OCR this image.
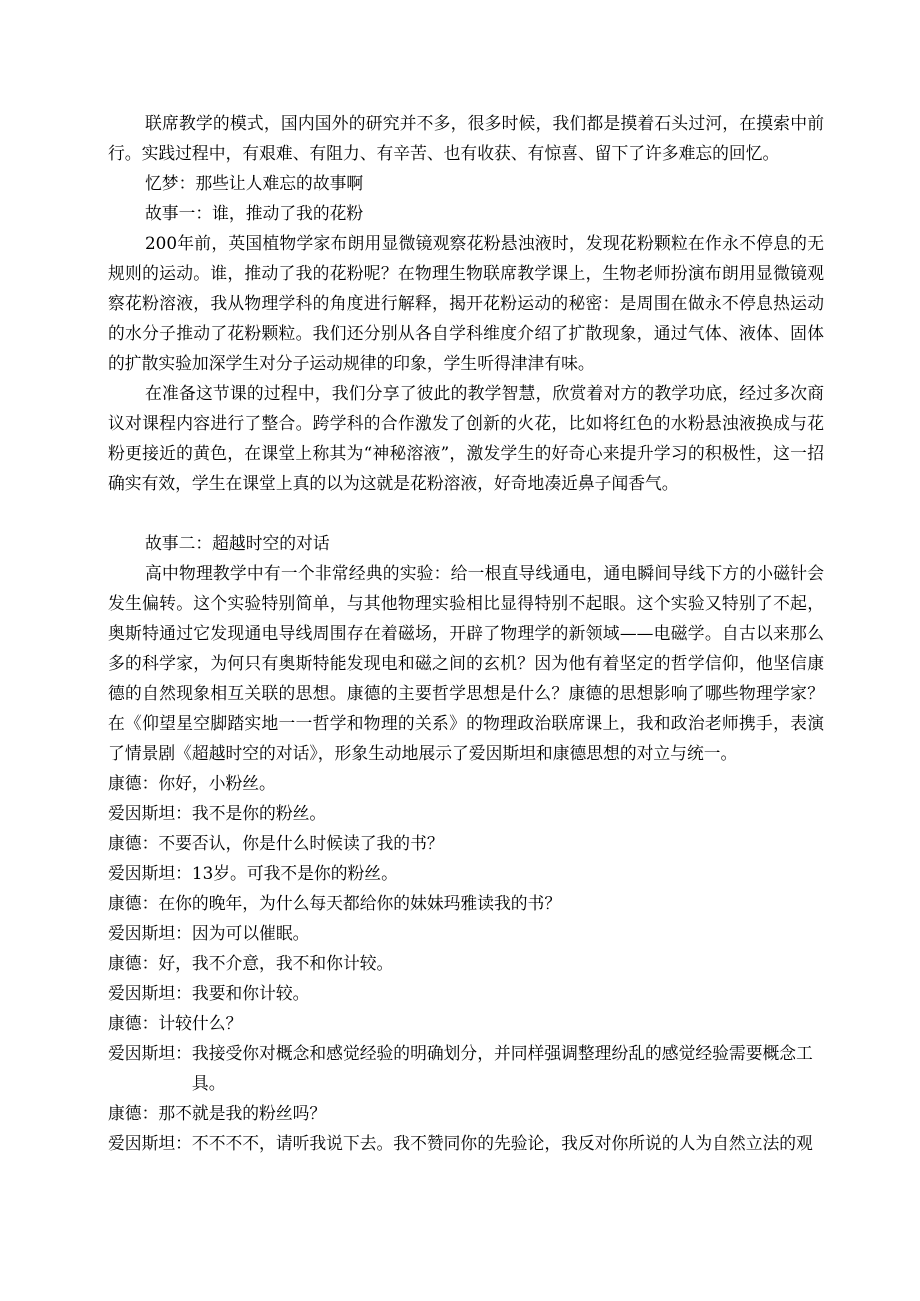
联席教学的模式，国内国外的研究并不多，很多时候，我们都是摸着石头过河，在摸索中前行。实践过程中，有艰难、有阻力、有辛苦、也有收获、有惊喜、留下了许多难忘的回忆。

忆梦：那些让人难忘的故事啊

故事一：谁，推动了我的花粉

200年前，英国植物学家布朗用显微镜观察花粉悬浊液时，发现花粉颗粒在作永不停息的无规则的运动。谁，推动了我的花粉呢？在物理生物联席教学课上，生物老师扮演布朗用显微镜观察花粉溶液，我从物理学科的角度进行解释，揭开花粉运动的秘密：是周围在做永不停息热运动的水分子推动了花粉颗粒。我们还分别从各自学科维度介绍了扩散现象，通过气体、液体、固体的扩散实验加深学生对分子运动规律的印象，学生听得津津有味。

在准备这节课的过程中，我们分享了彼此的教学智慧，欣赏着对方的教学功底，经过多次商议对课程内容进行了整合。跨学科的合作激发了创新的火花，比如将红色的水粉悬浊液换成与花粉更接近的黄色，在课堂上称其为“神秘溶液”，激发学生的好奇心来提升学习的积极性，这一招确实有效，学生在课堂上真的以为这就是花粉溶液，好奇地凑近鼻子闻香气。

故事二：超越时空的对话

高中物理教学中有一个非常经典的实验：给一根直导线通电，通电瞬间导线下方的小磁针会发生偏转。这个实验特别简单，与其他物理实验相比显得特别不起眼。这个实验又特别了不起，奥斯特通过它发现通电导线周围存在着磁场，开辟了物理学的新领域——电磁学。自古以来那么多的科学家，为何只有奥斯特能发现电和磁之间的玄机？因为他有着坚定的哲学信仰，他坚信康德的自然现象相互关联的思想。康德的主要哲学思想是什么？康德的思想影响了哪些物理学家？在《仰望星空脚踏实地一一哲学和物理的关系》的物理政治联席课上，我和政治老师携手，表演了情景剧《超越时空的对话》，形象生动地展示了爱因斯坦和康德思想的对立与统一。

康德： 你好，小粉丝。
爱因斯坦： 我不是你的粉丝。
康德： 不要否认，你是什么时候读了我的书？
爱因斯坦： 13岁。可我不是你的粉丝。
康德： 在你的晚年，为什么每天都给你的妹妹玛雅读我的书？
爱因斯坦： 因为可以催眠。
康德： 好，我不介意，我不和你计较。
爱因斯坦： 我要和你计较。
康德： 计较什么？
爱因斯坦： 我接受你对概念和感觉经验的明确划分，并同样强调整理纷乱的感觉经验需要概念工具。
康德： 那不就是我的粉丝吗？
爱因斯坦： 不不不不，请听我说下去。我不赞同你的先验论，我反对你所说的人为自然立法的观
